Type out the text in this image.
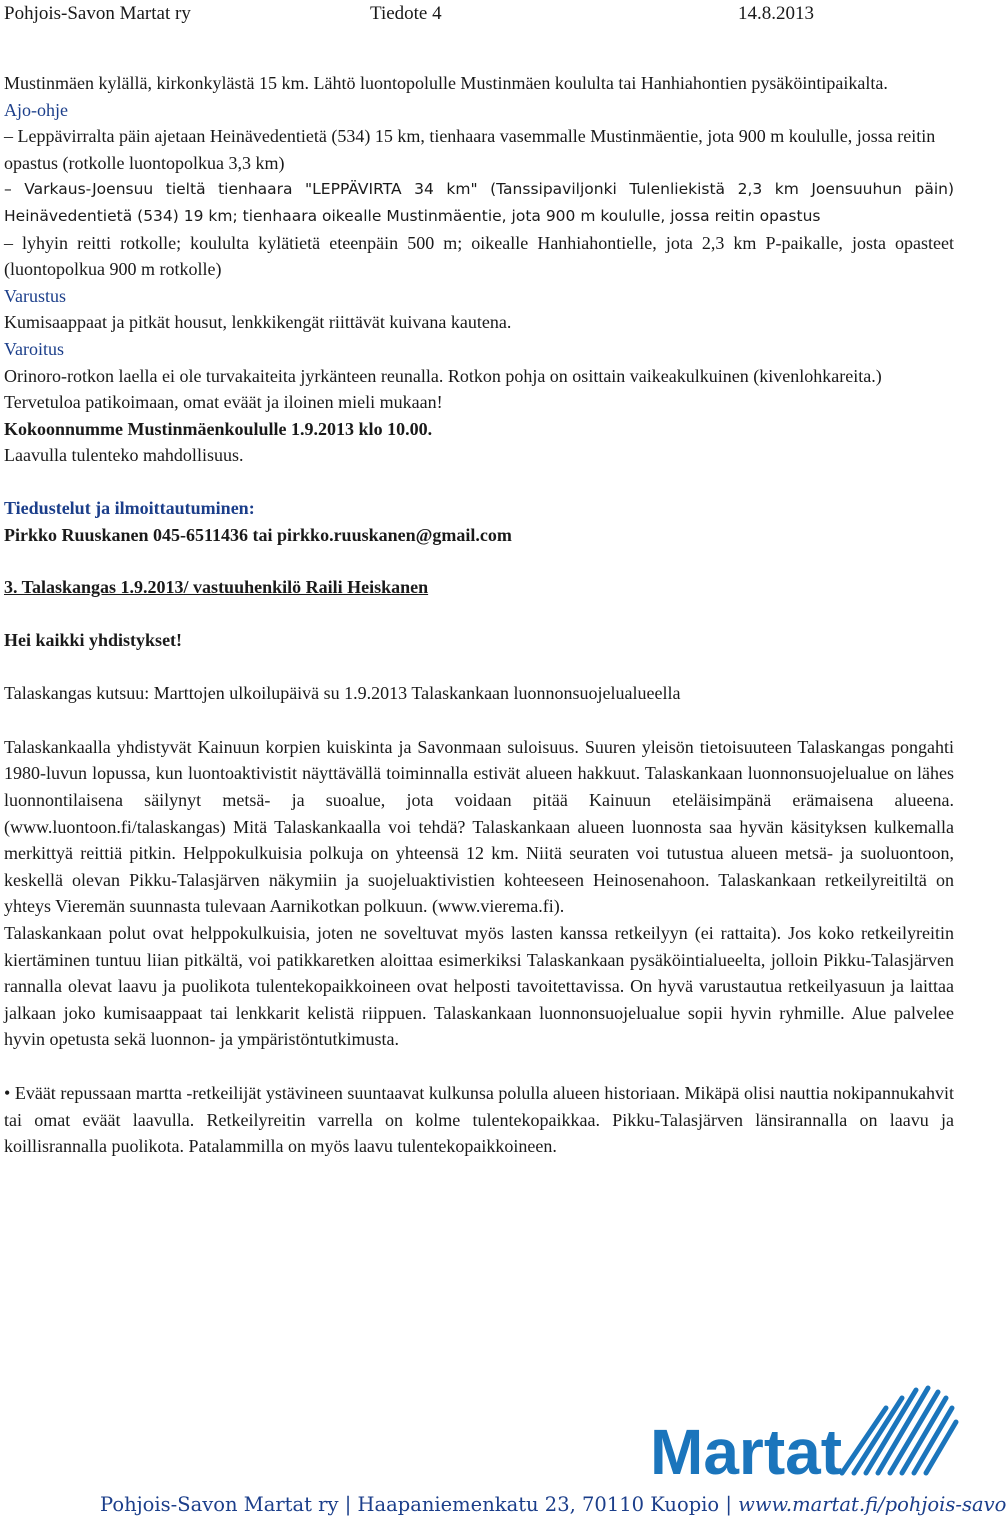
Pohjois-Savon Martat ry	Tiedote 4	14.8.2013

Mustinmäen kylällä, kirkonkylästä 15 km. Lähtö luontopolulle Mustinmäen koululta tai Hanhiahontien pysäköintipaikalta.

Ajo-ohje

– Leppävirralta päin ajetaan Heinävedentietä (534) 15 km, tienhaara vasemmalle Mustinmäentie, jota 900 m koululle, jossa reitin opastus (rotkolle luontopolkua 3,3 km)

– Varkaus-Joensuu tieltä tienhaara "LEPPÄVIRTA 34 km" (Tanssipaviljonki Tulenliekistä 2,3 km Joensuuhun päin) Heinävedentietä (534) 19 km; tienhaara oikealle Mustinmäentie, jota 900 m koululle, jossa reitin opastus

– lyhyin reitti rotkolle; koululta kylätietä eteenpäin 500 m; oikealle Hanhiahontielle, jota 2,3 km P-paikalle, josta opasteet (luontopolkua 900 m rotkolle)

Varustus

Kumisaappaat ja pitkät housut, lenkkikengät riittävät kuivana kautena.

Varoitus

Orinoro-rotkon laella ei ole turvakaiteita jyrkänteen reunalla. Rotkon pohja on osittain vaikeakulkuinen (kivenlohkareita.)

Tervetuloa patikoimaan, omat eväät ja iloinen mieli mukaan!

Kokoonnumme Mustinmäenkoululle 1.9.2013 klo 10.00.

Laavulla tulenteko mahdollisuus.

Tiedustelut ja ilmoittautuminen:

Pirkko Ruuskanen 045-6511436 tai pirkko.ruuskanen@gmail.com

3. Talaskangas 1.9.2013/ vastuuhenkilö Raili Heiskanen

Hei kaikki yhdistykset!

Talaskangas kutsuu: Marttojen ulkoilupäivä su 1.9.2013 Talaskankaan luonnonsuojelualueella

Talaskankaalla yhdistyvät Kainuun korpien kuiskinta ja Savonmaan suloisuus. Suuren yleisön tietoisuuteen Talaskangas pongahti 1980-luvun lopussa, kun luontoaktivistit näyttävällä toiminnalla estivät alueen hakkuut. Talaskankaan luonnonsuojelualue on lähes luonnontilaisena säilynyt metsä- ja suoalue, jota voidaan pitää Kainuun eteläisimpänä erämaisena alueena. (www.luontoon.fi/talaskangas) Mitä Talaskankaalla voi tehdä? Talaskankaan alueen luonnosta saa hyvän käsityksen kulkemalla merkittyä reittiä pitkin. Helppokulkuisia polkuja on yhteensä 12 km. Niitä seuraten voi tutustua alueen metsä- ja suoluontoon, keskellä olevan Pikku-Talasjärven näkymiin ja suojeluaktivistien kohteeseen Heinosenahoon. Talaskankaan retkeilyreitiltä on yhteys Vieremän suunnasta tulevaan Aarnikotkan polkuun. (www.vierema.fi).

Talaskankaan polut ovat helppokulkuisia, joten ne soveltuvat myös lasten kanssa retkeilyyn (ei rattaita). Jos koko retkeilyreitin kiertäminen tuntuu liian pitkältä, voi patikkaretken aloittaa esimerkiksi Talaskankaan pysäköintialueelta, jolloin Pikku-Talasjärven rannalla olevat laavu ja puolikota tulentekopaikkoineen ovat helposti tavoitettavissa. On hyvä varustautua retkeilyasuun ja laittaa jalkaan joko kumisaappaat tai lenkkarit kelistä riippuen. Talaskankaan luonnonsuojelualue sopii hyvin ryhmille. Alue palvelee hyvin opetusta sekä luonnon- ja ympäristöntutkimusta.

• Eväät repussaan martta -retkeilijät ystävineen suuntaavat kulkunsa polulla alueen historiaan. Mikäpä olisi nauttia nokipannukahvit tai omat eväät laavulla. Retkeilyreitin varrella on kolme tulentekopaikkaa. Pikku-Talasjärven länsirannalla on laavu ja koillisrannalla puolikota. Patalammilla on myös laavu tulentekopaikkoineen.

Martat
Pohjois-Savon Martat ry | Haapaniemenkatu 23, 70110 Kuopio | www.martat.fi/pohjois-savo
